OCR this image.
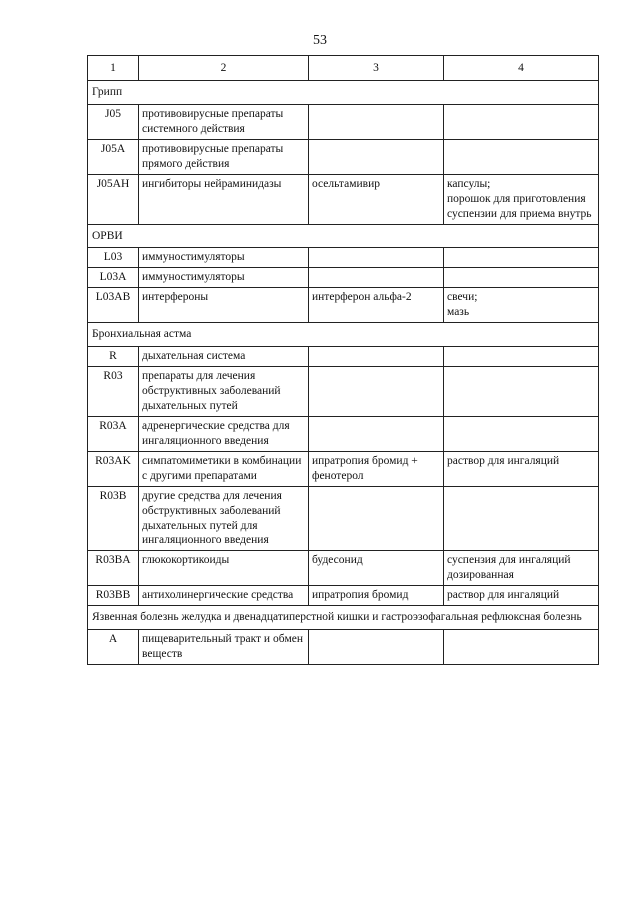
53
1	2	3	4
Грипп			
J05	противовирусные препараты системного действия		
J05A	противовирусные препараты прямого действия		
J05AH	ингибиторы нейраминидазы	осельтамивир	капсулы;
порошок для приготовления суспензии для приема внутрь
ОРВИ			
L03	иммуностимуляторы		
L03A	иммуностимуляторы		
L03AB	интерфероны	интерферон альфа-2	свечи;
мазь
Бронхиальная астма			
R	дыхательная система		
R03	препараты для лечения обструктивных заболеваний дыхательных путей		
R03A	адренергические средства для ингаляционного введения		
R03AK	симпатомиметики в комбинации с другими препаратами	ипратропия бромид + фенотерол	раствор для ингаляций
R03B	другие средства для лечения обструктивных заболеваний дыхательных путей для ингаляционного введения		
R03BA	глюкокортикоиды	будесонид	суспензия для ингаляций дозированная
R03BB	антихолинергические средства	ипратропия бромид	раствор для ингаляций
Язвенная болезнь желудка и двенадцатиперстной кишки и гастроэзофагальная рефлюксная болезнь			
A	пищеварительный тракт и обмен веществ		
